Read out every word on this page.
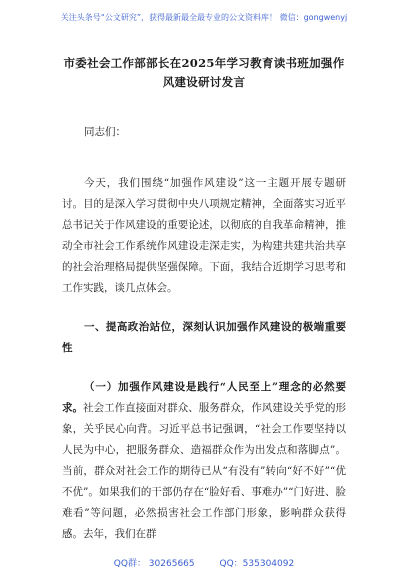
关注头条号“公文研究”，获得最新最全最专业的公文资料库！ 微信：gongwenyj
市委社会工作部部长在2025年学习教育读书班加强作风建设研讨发言
同志们：

今天，我们围绕“加强作风建设”这一主题开展专题研讨。目的是深入学习贯彻中央八项规定精神，全面落实习近平总书记关于作风建设的重要论述，以彻底的自我革命精神，推动全市社会工作系统作风建设走深走实，为构建共建共治共享的社会治理格局提供坚强保障。下面，我结合近期学习思考和工作实践，谈几点体会。

一、提高政治站位，深刻认识加强作风建设的极端重要性

（一）加强作风建设是践行“人民至上”理念的必然要求。社会工作直接面对群众、服务群众，作风建设关乎党的形象，关乎民心向背。习近平总书记强调，“社会工作要坚持以人民为中心，把服务群众、造福群众作为出发点和落脚点”。当前，群众对社会工作的期待已从“有没有”转向“好不好”“优不优”。如果我们的干部仍存在“脸好看、事难办”“门好进、脸难看”等问题，必然损害社会工作部门形象，影响群众获得感。去年，我们在群

QQ群： 30265665	QQ：535304092
